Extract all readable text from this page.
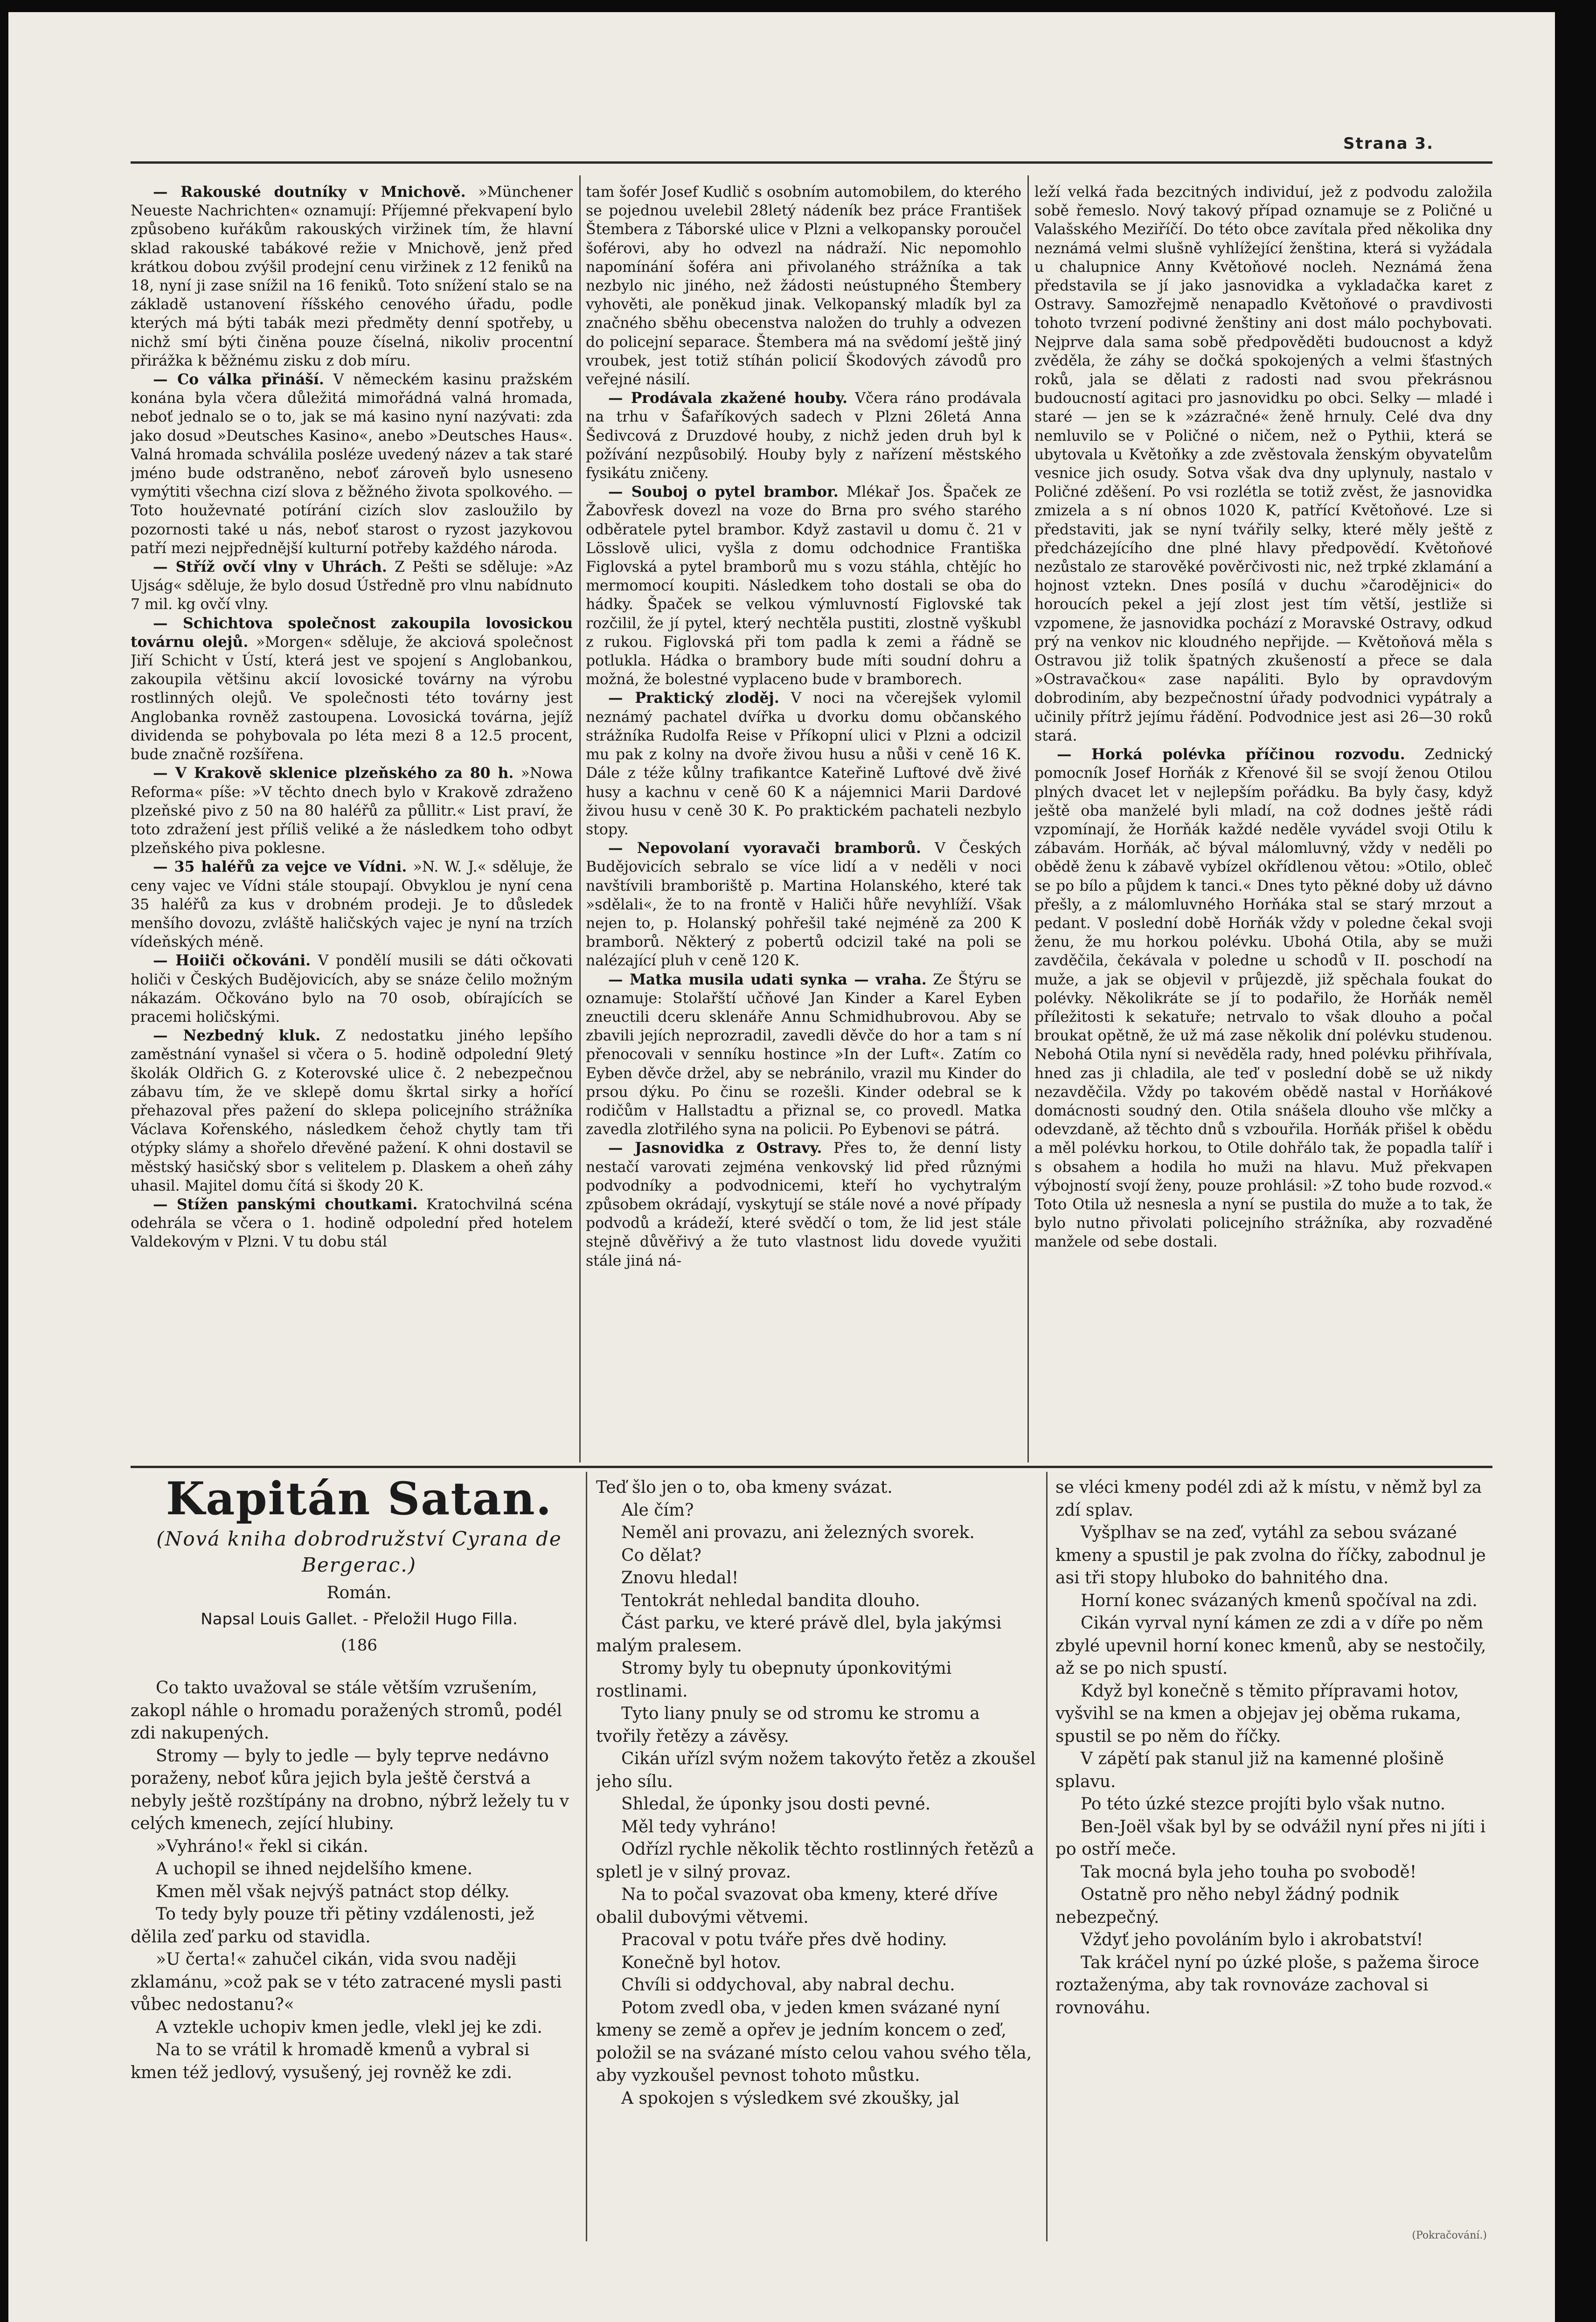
Strana 3.

— Rakouské doutníky v Mnichově. »Münchener Neueste Nachrichten« oznamují: Příjemné překvapení bylo způsobeno kuřákům rakouských viržinek tím, že hlavní sklad rakouské tabákové režie v Mnichově, jenž před krátkou dobou zvýšil prodejní cenu viržinek z 12 feniků na 18, nyní ji zase snížil na 16 feniků. Toto snížení stalo se na základě ustanovení říšského cenového úřadu, podle kterých má býti tabák mezi předměty denní spotřeby, u nichž smí býti činěna pouze číselná, nikoliv procentní přirážka k běžnému zisku z dob míru.

— Co válka přináší. V německém kasinu pražském konána byla včera důležitá mimořádná valná hromada, neboť jednalo se o to, jak se má kasino nyní nazývati: zda jako dosud »Deutsches Kasino«, anebo »Deutsches Haus«. Valná hromada schválila posléze uvedený název a tak staré jméno bude odstraněno, neboť zároveň bylo usneseno vymýtiti všechna cizí slova z běžného života spolkového. — Toto houževnaté potírání cizích slov zasloužilo by pozornosti také u nás, neboť starost o ryzost jazykovou patří mezi nejpřednější kulturní potřeby každého národa.

— Stříž ovčí vlny v Uhrách. Z Pešti se sděluje: »Az Ujság« sděluje, že bylo dosud Ústředně pro vlnu nabídnuto 7 mil. kg ovčí vlny.

— Schichtova společnost zakoupila lovosickou továrnu olejů. »Morgen« sděluje, že akciová společnost Jiří Schicht v Ústí, která jest ve spojení s Anglobankou, zakoupila většinu akcií lovosické továrny na výrobu rostlinných olejů. Ve společnosti této továrny jest Anglobanka rovněž zastoupena. Lovosická továrna, jejíž dividenda se pohybovala po léta mezi 8 a 12.5 procent, bude značně rozšířena.

— V Krakově sklenice plzeňského za 80 h. »Nowa Reforma« píše: »V těchto dnech bylo v Krakově zdraženo plzeňské pivo z 50 na 80 haléřů za půllitr.« List praví, že toto zdražení jest příliš veliké a že následkem toho odbyt plzeňského piva poklesne.

— 35 haléřů za vejce ve Vídni. »N. W. J.« sděluje, že ceny vajec ve Vídni stále stoupají. Obvyklou je nyní cena 35 haléřů za kus v drobném prodeji. Je to důsledek menšího dovozu, zvláště haličských vajec je nyní na trzích vídeňských méně.

— Hoiiči očkováni. V pondělí musili se dáti očkovati holiči v Českých Budějovicích, aby se snáze čelilo možným nákazám. Očkováno bylo na 70 osob, obírajících se pracemi holičskými.

— Nezbedný kluk. Z nedostatku jiného lepšího zaměstnání vynašel si včera o 5. hodině odpolední 9letý školák Oldřich G. z Koterovské ulice č. 2 nebezpečnou zábavu tím, že ve sklepě domu škrtal sirky a hořící přehazoval přes pažení do sklepa policejního strážníka Václava Kořenského, následkem čehož chytly tam tři otýpky slámy a shořelo dřevěné pažení. K ohni dostavil se městský hasičský sbor s velitelem p. Dlaskem a oheň záhy uhasil. Majitel domu čítá si škody 20 K.

— Stížen panskými choutkami. Kratochvilná scéna odehrála se včera o 1. hodině odpolední před hotelem Valdekovým v Plzni. V tu dobu stál

tam šofér Josef Kudlič s osobním automobilem, do kterého se pojednou uvelebil 28letý nádeník bez práce František Štembera z Táborské ulice v Plzni a velkopansky poroučel šoférovi, aby ho odvezl na nádraží. Nic nepomohlo napomínání šoféra ani přivolaného strážníka a tak nezbylo nic jiného, než žádosti neústupného Štembery vyhověti, ale poněkud jinak. Velkopanský mladík byl za značného sběhu obecenstva naložen do truhly a odvezen do policejní separace. Štembera má na svědomí ještě jiný vroubek, jest totiž stíhán policií Škodových závodů pro veřejné násilí.

— Prodávala zkažené houby. Včera ráno prodávala na trhu v Šafaříkových sadech v Plzni 26letá Anna Šedivcová z Druzdové houby, z nichž jeden druh byl k požívání nezpůsobilý. Houby byly z nařízení městského fysikátu zničeny.

— Souboj o pytel brambor. Mlékař Jos. Špaček ze Žabovřesk dovezl na voze do Brna pro svého starého odběratele pytel brambor. Když zastavil u domu č. 21 v Lösslově ulici, vyšla z domu odchodnice Františka Figlovská a pytel bramborů mu s vozu stáhla, chtějíc ho mermomocí koupiti. Následkem toho dostali se oba do hádky. Špaček se velkou výmluvností Figlovské tak rozčilil, že jí pytel, který nechtěla pustiti, zlostně vyškubl z rukou. Figlovská při tom padla k zemi a řádně se potlukla. Hádka o brambory bude míti soudní dohru a možná, že bolestné vyplaceno bude v bramborech.

— Praktický zloděj. V noci na včerejšek vylomil neznámý pachatel dvířka u dvorku domu občanského strážníka Rudolfa Reise v Příkopní ulici v Plzni a odcizil mu pak z kolny na dvoře živou husu a nůši v ceně 16 K. Dále z téže kůlny trafikantce Kateřině Luftové dvě živé husy a kachnu v ceně 60 K a nájemnici Marii Dardové živou husu v ceně 30 K. Po praktickém pachateli nezbylo stopy.

— Nepovolaní vyoravači bramborů. V Českých Budějovicích sebralo se více lidí a v neděli v noci navštívili bramboriště p. Martina Holanského, které tak »sdělali«, že to na frontě v Haliči hůře nevyhlíží. Však nejen to, p. Holanský pohřešil také nejméně za 200 K bramborů. Některý z pobertů odcizil také na poli se nalézající pluh v ceně 120 K.

— Matka musila udati synka — vraha. Ze Štýru se oznamuje: Stolařští učňové Jan Kinder a Karel Eyben zneuctili dceru sklenáře Annu Schmidhubrovou. Aby se zbavili jejích neprozradil, zavedli děvče do hor a tam s ní přenocovali v senníku hostince »In der Luft«. Zatím co Eyben děvče držel, aby se nebránilo, vrazil mu Kinder do prsou dýku. Po činu se rozešli. Kinder odebral se k rodičům v Hallstadtu a přiznal se, co provedl. Matka zavedla zlotřilého syna na policii. Po Eybenovi se pátrá.

— Jasnovidka z Ostravy. Přes to, že denní listy nestačí varovati zejména venkovský lid před různými podvodníky a podvodnicemi, kteří ho vychytralým způsobem okrádají, vyskytují se stále nové a nové případy podvodů a krádeží, které svědčí o tom, že lid jest stále stejně důvěřivý a že tuto vlastnost lidu dovede využiti stále jiná ná-

leží velká řada bezcitných individuí, jež z podvodu založila sobě řemeslo. Nový takový případ oznamuje se z Poličné u Valašského Meziříčí. Do této obce zavítala před několika dny neznámá velmi slušně vyhlížející ženština, která si vyžádala u chalupnice Anny Květoňové nocleh. Neznámá žena představila se jí jako jasnovidka a vykladačka karet z Ostravy. Samozřejmě nenapadlo Květoňové o pravdivosti tohoto tvrzení podivné ženštiny ani dost málo pochybovati. Nejprve dala sama sobě předpověděti budoucnost a když zvěděla, že záhy se dočká spokojených a velmi šťastných roků, jala se dělati z radosti nad svou překrásnou budoucností agitaci pro jasnovidku po obci. Selky — mladé i staré — jen se k »zázračné« ženě hrnuly. Celé dva dny nemluvilo se v Poličné o ničem, než o Pythii, která se ubytovala u Květoňky a zde zvěstovala ženským obyvatelům vesnice jich osudy. Sotva však dva dny uplynuly, nastalo v Poličné zděšení. Po vsi rozlétla se totiž zvěst, že jasnovidka zmizela a s ní obnos 1020 K, patřící Květoňové. Lze si představiti, jak se nyní tvářily selky, které měly ještě z předcházejícího dne plné hlavy předpovědí. Květoňové nezůstalo ze starověké pověrčivosti nic, než trpké zklamání a hojnost vztekn. Dnes posílá v duchu »čarodějnici« do horoucích pekel a její zlost jest tím větší, jestliže si vzpomene, že jasnovidka pochází z Moravské Ostravy, odkud prý na venkov nic kloudného nepřijde. — Květoňová měla s Ostravou již tolik špatných zkušeností a přece se dala »Ostravačkou« zase napáliti. Bylo by opravdovým dobrodiním, aby bezpečnostní úřady podvodnici vypátraly a učinily přítrž jejímu řádění. Podvodnice jest asi 26—30 roků stará.

— Horká polévka příčinou rozvodu. Zednický pomocník Josef Horňák z Křenové šil se svojí ženou Otilou plných dvacet let v nejlepším pořádku. Ba byly časy, když ještě oba manželé byli mladí, na což dodnes ještě rádi vzpomínají, že Horňák každé neděle vyvádel svoji Otilu k zábavám. Horňák, ač býval málomluvný, vždy v neděli po obědě ženu k zábavě vybízel okřídlenou větou: »Otilo, obleč se po bílo a půjdem k tanci.« Dnes tyto pěkné doby už dávno přešly, a z málomluvného Horňáka stal se starý mrzout a pedant. V poslední době Horňák vždy v poledne čekal svoji ženu, že mu horkou polévku. Ubohá Otila, aby se muži zavděčila, čekávala v poledne u schodů v II. poschodí na muže, a jak se objevil v průjezdě, již spěchala foukat do polévky. Několikráte se jí to podařilo, že Horňák neměl příležitosti k sekatuře; netrvalo to však dlouho a počal broukat opětně, že už má zase několik dní polévku studenou. Nebohá Otila nyní si nevěděla rady, hned polévku přihřívala, hned zas ji chladila, ale teď v poslední době se už nikdy nezavděčila. Vždy po takovém obědě nastal v Horňákové domácnosti soudný den. Otila snášela dlouho vše mlčky a odevzdaně, až těchto dnů s vzbouřila. Horňák přišel k obědu a měl polévku horkou, to Otile dohřálo tak, že popadla talíř i s obsahem a hodila ho muži na hlavu. Muž překvapen výbojností svojí ženy, pouze prohlásil: »Z toho bude rozvod.« Toto Otila už nesnesla a nyní se pustila do muže a to tak, že bylo nutno přivolati policejního strážníka, aby rozvaděné manžele od sebe dostali.

Kapitán Satan.
(Nová kniha dobrodružství Cyrana de Bergerac.)
Román.
Napsal Louis Gallet. - Přeložil Hugo Filla.
(186

Co takto uvažoval se stále větším vzrušením, zakopl náhle o hromadu poražených stromů, podél zdi nakupených.

Stromy — byly to jedle — byly teprve nedávno poraženy, neboť kůra jejich byla ještě čerstvá a nebyly ještě rozštípány na drobno, nýbrž ležely tu v celých kmenech, zející hlubiny.

»Vyhráno!« řekl si cikán.

A uchopil se ihned nejdelšího kmene.

Kmen měl však nejvýš patnáct stop délky.

To tedy byly pouze tři pětiny vzdálenosti, jež dělila zeď parku od stavidla.

»U čerta!« zahučel cikán, vida svou naději zklamánu, »což pak se v této zatracené mysli pasti vůbec nedostanu?«

A vztekle uchopiv kmen jedle, vlekl jej ke zdi.

Na to se vrátil k hromadě kmenů a vybral si kmen též jedlový, vysušený, jej rovněž ke zdi.

Teď šlo jen o to, oba kmeny svázat.

Ale čím?

Neměl ani provazu, ani železných svorek.

Co dělat?

Znovu hledal!

Tentokrát nehledal bandita dlouho.

Část parku, ve které právě dlel, byla jakýmsi malým pralesem.

Stromy byly tu obepnuty úponkovitými rostlinami.

Tyto liany pnuly se od stromu ke stromu a tvořily řetězy a závěsy.

Cikán uřízl svým nožem takovýto řetěz a zkoušel jeho sílu.

Shledal, že úponky jsou dosti pevné.

Měl tedy vyhráno!

Odřízl rychle několik těchto rostlinných řetězů a spletl je v silný provaz.

Na to počal svazovat oba kmeny, které dříve obalil dubovými větvemi.

Pracoval v potu tváře přes dvě hodiny.

Konečně byl hotov.

Chvíli si oddychoval, aby nabral dechu.

Potom zvedl oba, v jeden kmen svázané nyní kmeny se země a opřev je jedním koncem o zeď, položil se na svázané místo celou vahou svého těla, aby vyzkoušel pevnost tohoto můstku.

A spokojen s výsledkem své zkoušky, jal

se vléci kmeny podél zdi až k místu, v němž byl za zdí splav.

Vyšplhav se na zeď, vytáhl za sebou svázané kmeny a spustil je pak zvolna do říčky, zabodnul je asi tři stopy hluboko do bahnitého dna.

Horní konec svázaných kmenů spočíval na zdi.

Cikán vyrval nyní kámen ze zdi a v díře po něm zbylé upevnil horní konec kmenů, aby se nestočily, až se po nich spustí.

Když byl konečně s těmito přípravami hotov, vyšvihl se na kmen a objejav jej oběma rukama, spustil se po něm do říčky.

V zápětí pak stanul již na kamenné plošině splavu.

Po této úzké stezce projíti bylo však nutno.

Ben-Joël však byl by se odvážil nyní přes ni jíti i po ostří meče.

Tak mocná byla jeho touha po svobodě!

Ostatně pro něho nebyl žádný podnik nebezpečný.

Vždyť jeho povoláním bylo i akrobatství!

Tak kráčel nyní po úzké ploše, s pažema široce roztaženýma, aby tak rovnováze zachoval si rovnováhu.

(Pokračování.)
